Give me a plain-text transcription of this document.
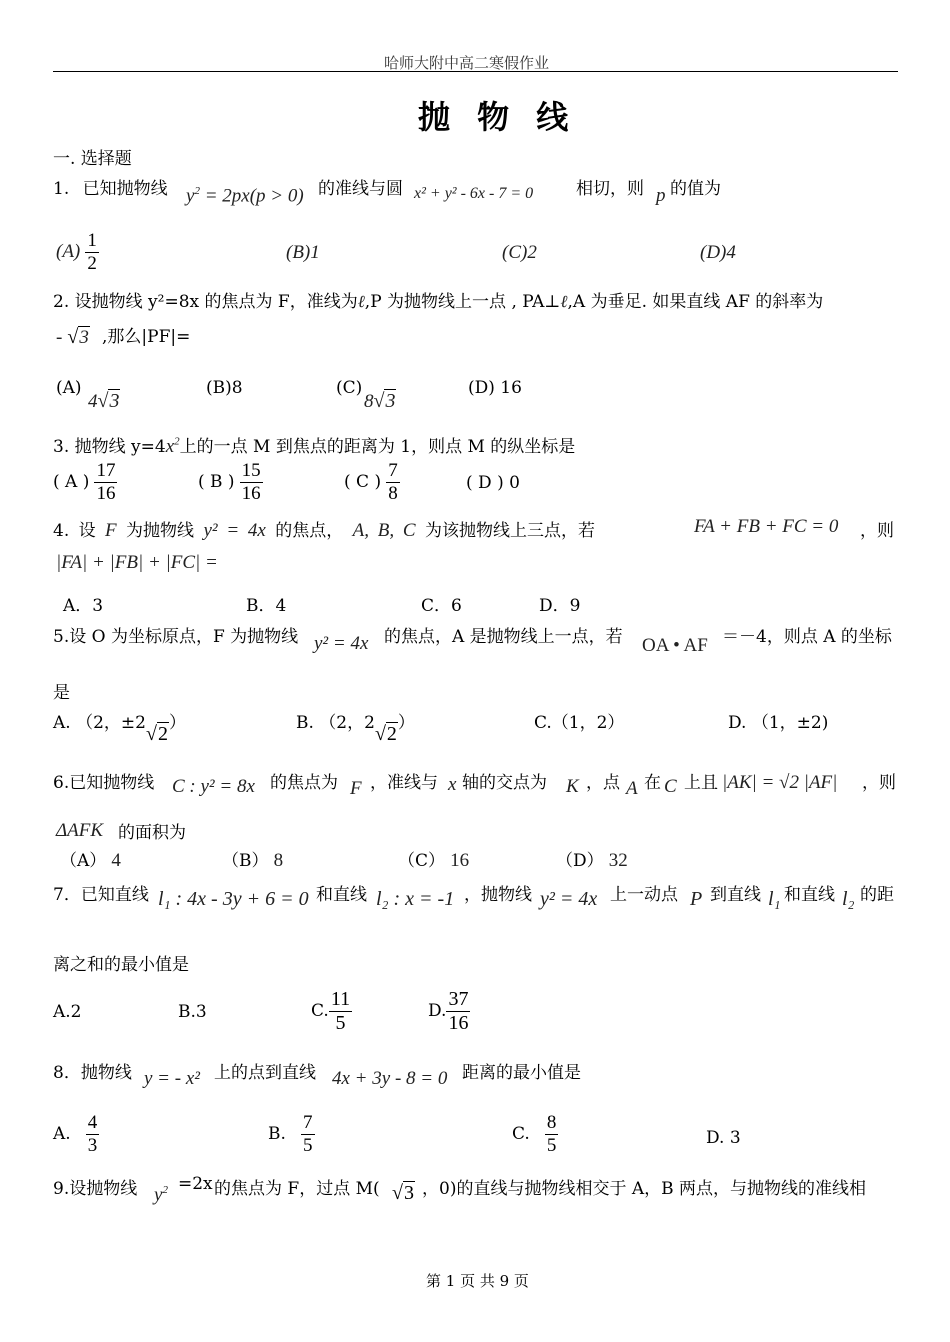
哈师大附中高二寒假作业
抛 物 线
一. 选择题
1. 已知抛物线 $y^2 = 2px(p > 0)$ 的准线与圆 x² + y² - 6x - 7 = 0	相切，则 p 的值为
$(A) \frac{1}{2}$	(B)1	(C)2	(D)4
2. 设抛物线 y²=8x 的焦点为 F，准线为ℓ,P 为抛物线上一点 , PA⊥ℓ,A 为垂足. 如果直线 AF 的斜率为
- √3 ,那么|PF|=
(A)
4√3
(B)8	(C)
8√3
(D) 16
3. 抛物线 $y=4x^2$上的一点 M 到焦点的距离为 1，则点 M 的纵坐标是
( A ) $\frac{17}{16}$	( B ) $\frac{15}{16}$	( C ) $\frac{7}{8}$	( D ) 0
4. 设 F 为抛物线 y² = 4x 的焦点， A, B, C 为该抛物线上三点，若	FA + FB + FC = 0 ，则
|FA| + |FB| + |FC| =
A．3	B．4	C．6	D．9
5.设 O 为坐标原点，F 为抛物线 y² = 4x 的焦点，A 是抛物线上一点，若 OA • AF ＝－4，则点 A 的坐标
是
A. （2，±2√2）	B. （2，2√2）	C.（1，2）	D. （1，±2)
6.已知抛物线 C : y² = 8x 的焦点为 F ，准线与 x 轴的交点为 K ，点 A 在 C 上且 |AK| = √2 |AF| ，则
ΔAFK 的面积为
（A） 4	（B） 8	（C） 16	（D） 32
7．已知直线 l₁ : 4x - 3y + 6 = 0 和直线 l₂ : x = -1 ，抛物线 y² = 4x 上一动点 P 到直线 l₁ 和直线 l₂ 的距
离之和的最小值是
A.2	B.3	C. $\frac{11}{5}$	D. $\frac{37}{16}$
8．抛物线 y = - x² 上的点到直线 4x + 3y - 8 = 0 距离的最小值是
A. $\frac{4}{3}$	B. $\frac{7}{5}$	C. $\frac{8}{5}$	D. 3
9.设抛物线 $y^2 =2x$ 的焦点为 F，过点 M( √3 ，0)的直线与抛物线相交于 A，B 两点，与抛物线的准线相
第 1 页 共 9 页
